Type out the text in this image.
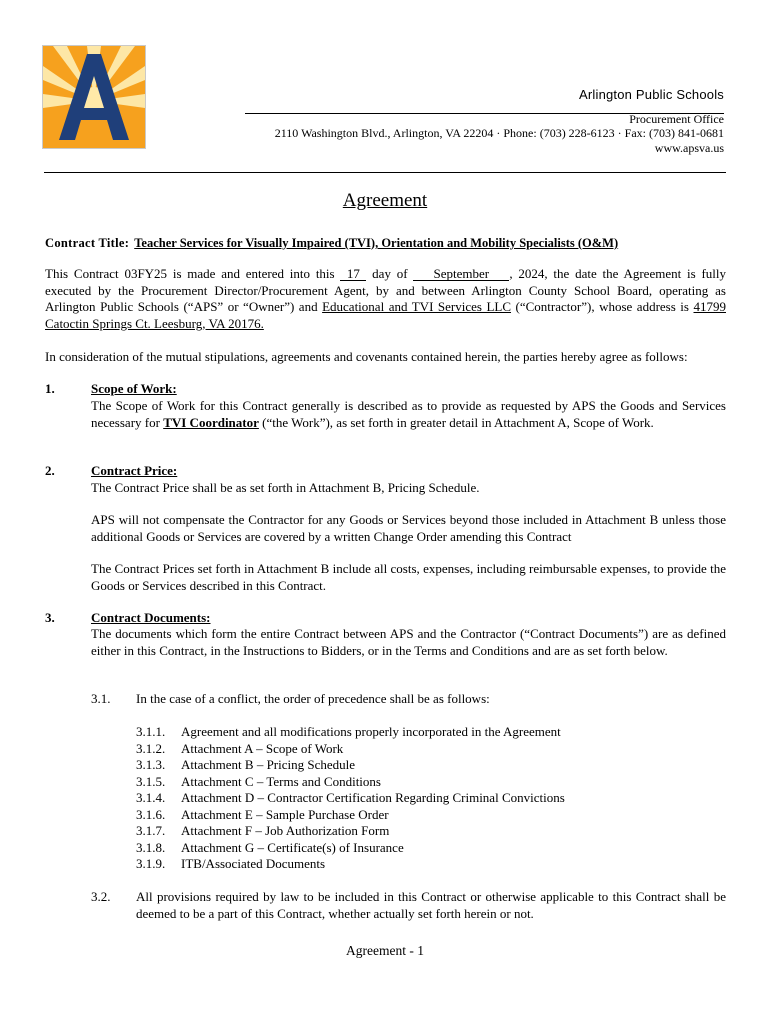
Arlington Public Schools
Procurement Office
2110 Washington Blvd., Arlington, VA 22204 · Phone: (703) 228-6123 · Fax: (703) 841-0681
www.apsva.us
Agreement
Contract Title: Teacher Services for Visually Impaired (TVI), Orientation and Mobility Specialists (O&M)
This Contract 03FY25 is made and entered into this 17 day of September , 2024, the date the Agreement is fully executed by the Procurement Director/Procurement Agent, by and between Arlington County School Board, operating as Arlington Public Schools (“APS” or “Owner”) and Educational and TVI Services LLC (“Contractor”), whose address is 41799 Catoctin Springs Ct. Leesburg, VA 20176.
In consideration of the mutual stipulations, agreements and covenants contained herein, the parties hereby agree as follows:
1.	Scope of Work:
The Scope of Work for this Contract generally is described as to provide as requested by APS the Goods and Services necessary for TVI Coordinator (“the Work”), as set forth in greater detail in Attachment A, Scope of Work.
2.	Contract Price:
The Contract Price shall be as set forth in Attachment B, Pricing Schedule.
APS will not compensate the Contractor for any Goods or Services beyond those included in Attachment B unless those additional Goods or Services are covered by a written Change Order amending this Contract
The Contract Prices set forth in Attachment B include all costs, expenses, including reimbursable expenses, to provide the Goods or Services described in this Contract.
3.	Contract Documents:
The documents which form the entire Contract between APS and the Contractor (“Contract Documents”) are as defined either in this Contract, in the Instructions to Bidders, or in the Terms and Conditions and are as set forth below.
3.1. In the case of a conflict, the order of precedence shall be as follows:
3.1.1.	Agreement and all modifications properly incorporated in the Agreement
3.1.2.	Attachment A – Scope of Work
3.1.3.	Attachment B – Pricing Schedule
3.1.5.	Attachment C – Terms and Conditions
3.1.4.	Attachment D – Contractor Certification Regarding Criminal Convictions
3.1.6.	Attachment E – Sample Purchase Order
3.1.7.	Attachment F – Job Authorization Form
3.1.8.	Attachment G – Certificate(s) of Insurance
3.1.9.	ITB/Associated Documents
3.2. All provisions required by law to be included in this Contract or otherwise applicable to this Contract shall be deemed to be a part of this Contract, whether actually set forth herein or not.
Agreement - 1
